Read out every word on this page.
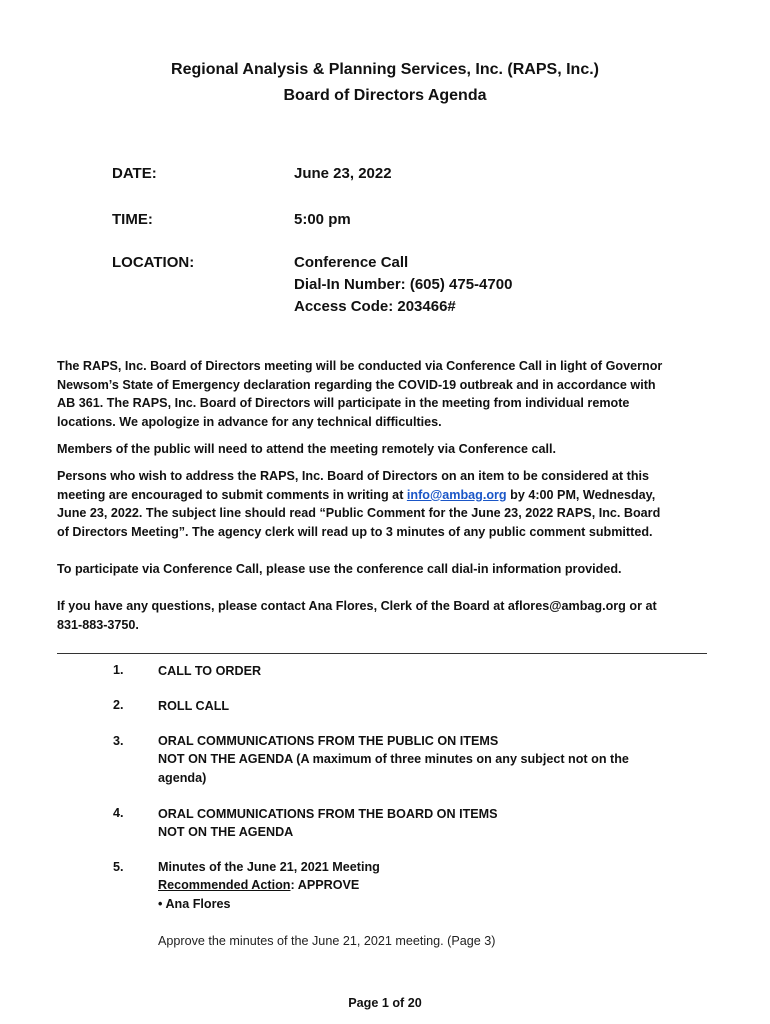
Regional Analysis & Planning Services, Inc. (RAPS, Inc.)
Board of Directors Agenda
DATE:	June 23, 2022
TIME:	5:00 pm
LOCATION:	Conference Call
Dial-In Number: (605) 475-4700
Access Code: 203466#
The RAPS, Inc. Board of Directors meeting will be conducted via Conference Call in light of Governor
Newsom’s State of Emergency declaration regarding the COVID-19 outbreak and in accordance with
AB 361. The RAPS, Inc. Board of Directors will participate in the meeting from individual remote
locations. We apologize in advance for any technical difficulties.
Members of the public will need to attend the meeting remotely via Conference call.
Persons who wish to address the RAPS, Inc. Board of Directors on an item to be considered at this
meeting are encouraged to submit comments in writing at info@ambag.org by 4:00 PM, Wednesday,
June 23, 2022. The subject line should read “Public Comment for the June 23, 2022 RAPS, Inc. Board
of Directors Meeting”. The agency clerk will read up to 3 minutes of any public comment submitted.
To participate via Conference Call, please use the conference call dial-in information provided.
If you have any questions, please contact Ana Flores, Clerk of the Board at aflores@ambag.org or at
831-883-3750.
1.	CALL TO ORDER
2.	ROLL CALL
3.	ORAL COMMUNICATIONS FROM THE PUBLIC ON ITEMS
NOT ON THE AGENDA (A maximum of three minutes on any subject not on the
agenda)
4.	ORAL COMMUNICATIONS FROM THE BOARD ON ITEMS
NOT ON THE AGENDA
5.	Minutes of the June 21, 2021 Meeting
Recommended Action: APPROVE
• Ana Flores
Approve the minutes of the June 21, 2021 meeting. (Page 3)
Page 1 of 20
